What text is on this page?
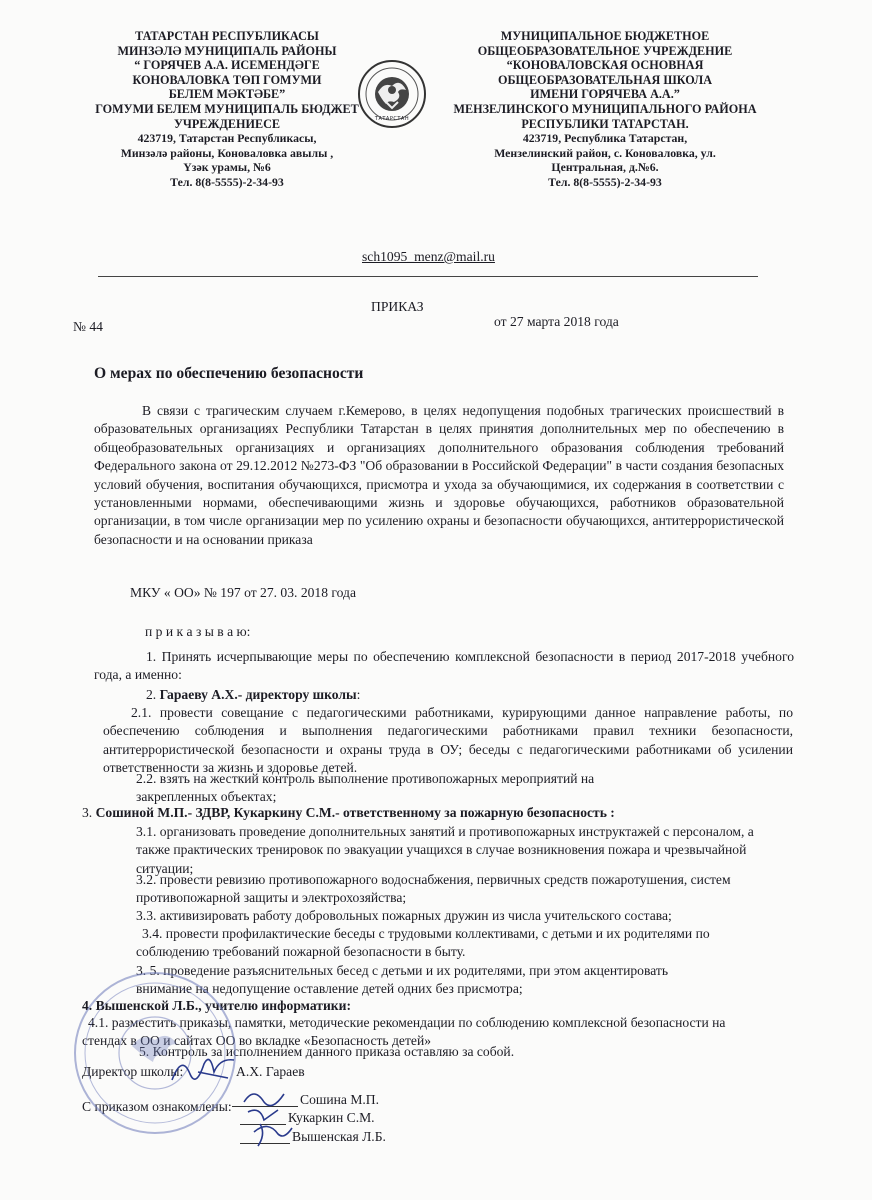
ТАТАРСТАН РЕСПУБЛИКАСЫ
МИНЗӘЛӘ МУНИЦИПАЛЬ РАЙОНЫ
“ ГОРЯЧЕВ А.А. ИСЕМЕНДӘГЕ
КОНОВАЛОВКА ТӨП ГОМУМИ
БЕЛЕМ МӘКТӘБЕ”
ГОМУМИ БЕЛЕМ МУНИЦИПАЛЬ БЮДЖЕТ
УЧРЕЖДЕНИЕСЕ
423719, Татарстан Республикасы,
Минзәлә районы, Коноваловка авылы ,
Үзәк урамы, №6
Тел. 8(8-5555)-2-34-93
ТАТАРСТАН
МУНИЦИПАЛЬНОЕ БЮДЖЕТНОЕ
ОБЩЕОБРАЗОВАТЕЛЬНОЕ УЧРЕЖДЕНИЕ
“КОНОВАЛОВСКАЯ ОСНОВНАЯ
ОБЩЕОБРАЗОВАТЕЛЬНАЯ ШКОЛА
ИМЕНИ ГОРЯЧЕВА А.А.”
МЕНЗЕЛИНСКОГО МУНИЦИПАЛЬНОГО РАЙОНА
РЕСПУБЛИКИ ТАТАРСТАН.
423719, Республика Татарстан,
Мензелинский район, с. Коноваловка, ул.
Центральная, д.№6.
Тел. 8(8-5555)-2-34-93
sch1095_menz@mail.ru
ПРИКАЗ
№ 44	от 27 марта 2018 года
О мерах по обеспечению безопасности
В связи с трагическим случаем г.Кемерово, в целях недопущения подобных трагических происшествий в образовательных организациях Республики Татарстан в целях принятия дополнительных мер по обеспечению в общеобразовательных организациях и организациях дополнительного образования соблюдения требований Федерального закона от 29.12.2012 №273-ФЗ "Об образовании в Российской Федерации" в части создания безопасных условий обучения, воспитания обучающихся, присмотра и ухода за обучающимися, их содержания в соответствии с установленными нормами, обеспечивающими жизнь и здоровье обучающихся, работников образовательной организации, в том числе организации мер по усилению охраны и безопасности обучающихся, антитеррористической безопасности и на основании приказа
МКУ « ОО» № 197 от 27. 03. 2018 года
п р и к а з ы в а ю:
1. Принять исчерпывающие меры по обеспечению комплексной безопасности в период 2017-2018 учебного года, а именно:
2. Гараеву А.Х.- директору школы:
2.1. провести совещание с педагогическими работниками, курирующими данное направление работы, по обеспечению соблюдения и выполнения педагогическими работниками правил техники безопасности, антитеррористической безопасности и охраны труда в ОУ; беседы с педагогическими работниками об усилении ответственности за жизнь и здоровье детей.
2.2. взять на жесткий контроль выполнение противопожарных мероприятий на
закрепленных объектах;
3. Сошиной М.П.- ЗДВР, Кукаркину С.М.- ответственному за пожарную безопасность :
3.1. организовать проведение дополнительных занятий и противопожарных инструктажей с персоналом, а также практических тренировок по эвакуации учащихся в случае возникновения пожара и чрезвычайной ситуации;
3.2. провести ревизию противопожарного водоснабжения, первичных средств пожаротушения, систем противопожарной защиты и электрохозяйства;
3.3. активизировать работу добровольных пожарных дружин из числа учительского состава;
3.4. провести профилактические беседы с трудовыми коллективами, с детьми и их родителями по соблюдению требований пожарной безопасности в быту.
3. 5. проведение разъяснительных бесед с детьми и их родителями, при этом акцентировать внимание на недопущение оставление детей одних без присмотра;
4. Вышенской Л.Б., учителю информатики:
4.1. разместить приказы, памятки, методические рекомендации по соблюдению комплексной безопасности на стендах в ОО и сайтах ОО во вкладке «Безопасность детей»
5. Контроль за исполнением данного приказа оставляю за собой.
Директор школы:	А.Х. Гараев
С приказом ознакомлены:	Сошина М.П.
Кукаркин С.М.
Вышенская Л.Б.
